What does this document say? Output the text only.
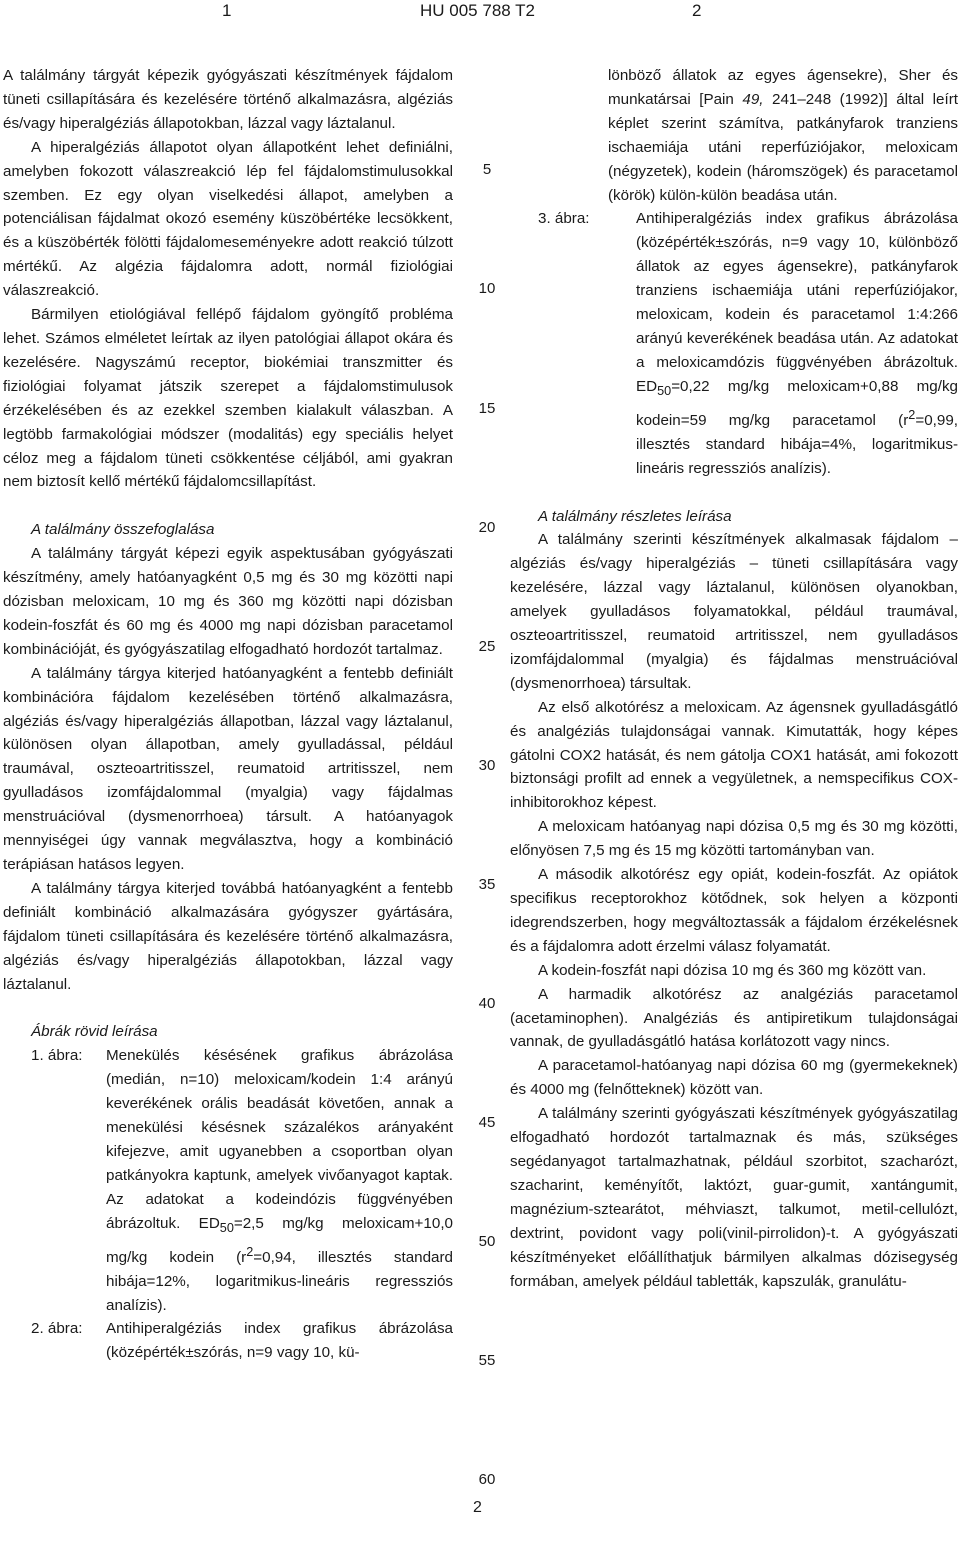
1	HU 005 788 T2	2

A találmány tárgyát képezik gyógyászati készítmények fájdalom tüneti csillapítására és kezelésére történő alkalmazásra, algéziás és/vagy hiperalgéziás állapotokban, lázzal vagy láztalanul.

A hiperalgéziás állapotot olyan állapotként lehet definiálni, amelyben fokozott válaszreakció lép fel fájdalomstimulusokkal szemben. Ez egy olyan viselkedési állapot, amelyben a potenciálisan fájdalmat okozó esemény küszöbértéke lecsökkent, és a küszöbérték fölötti fájdalomeseményekre adott reakció túlzott mértékű. Az algézia fájdalomra adott, normál fiziológiai válaszreakció.

Bármilyen etiológiával fellépő fájdalom gyöngítő probléma lehet. Számos elméletet leírtak az ilyen patológiai állapot okára és kezelésére. Nagyszámú receptor, biokémiai transzmitter és fiziológiai folyamat játszik szerepet a fájdalomstimulusok érzékelésében és az ezekkel szemben kialakult válaszban. A legtöbb farmakológiai módszer (modalitás) egy speciális helyet céloz meg a fájdalom tüneti csökkentése céljából, ami gyakran nem biztosít kellő mértékű fájdalomcsillapítást.

A találmány összefoglalása

A találmány tárgyát képezi egyik aspektusában gyógyászati készítmény, amely hatóanyagként 0,5 mg és 30 mg közötti napi dózisban meloxicam, 10 mg és 360 mg közötti napi dózisban kodein-foszfát és 60 mg és 4000 mg napi dózisban paracetamol kombinációját, és gyógyászatilag elfogadható hordozót tartalmaz.

A találmány tárgya kiterjed hatóanyagként a fentebb definiált kombinációra fájdalom kezelésében történő alkalmazásra, algéziás és/vagy hiperalgéziás állapotban, lázzal vagy láztalanul, különösen olyan állapotban, amely gyulladással, például traumával, oszteoartritisszel, reumatoid artritisszel, nem gyulladásos izomfájdalommal (myalgia) vagy fájdalmas menstruációval (dysmenorrhoea) társult. A hatóanyagok mennyiségei úgy vannak megválasztva, hogy a kombináció terápiásan hatásos legyen.

A találmány tárgya kiterjed továbbá hatóanyagként a fentebb definiált kombináció alkalmazására gyógyszer gyártására, fájdalom tüneti csillapítására és kezelésére történő alkalmazásra, algéziás és/vagy hiperalgéziás állapotokban, lázzal vagy láztalanul.

Ábrák rövid leírása

1. ábra:	Menekülés késésének grafikus ábrázolása (medián, n=10) meloxicam/kodein 1:4 arányú keverékének orális beadását követően, annak a menekülési késésnek százalékos arányaként kifejezve, amit ugyanebben a csoportban olyan patkányokra kaptunk, amelyek vivőanyagot kaptak. Az adatokat a kodeindózis függvényében ábrázoltuk. $ED_{50}=2,5$ mg/kg meloxicam+10,0 mg/kg kodein ($r^2=0,94$, illesztés standard hibája=12%, logaritmikus-lineáris regressziós analízis).
2. ábra:	Antihiperalgéziás index grafikus ábrázolása (középérték±szórás, n=9 vagy 10, kü-
lönböző állatok az egyes ágensekre), Sher és munkatársai [Pain 49, 241–248 (1992)] által leírt képlet szerint számítva, patkányfarok tranziens ischaemiája utáni reperfúziójakor, meloxicam (négyzetek), kodein (háromszögek) és paracetamol (körök) külön-külön beadása után.
3. ábra:	Antihiperalgéziás index grafikus ábrázolása (középérték±szórás, n=9 vagy 10, különböző állatok az egyes ágensekre), patkányfarok tranziens ischaemiája utáni reperfúziójakor, meloxicam, kodein és paracetamol 1:4:266 arányú keverékének beadása után. Az adatokat a meloxicamdózis függvényében ábrázoltuk. $ED_{50}=0,22$ mg/kg meloxicam+0,88 mg/kg kodein=59 mg/kg paracetamol ($r^2=0,99$, illesztés standard hibája=4%, logaritmikus-lineáris regressziós analízis).

A találmány részletes leírása

A találmány szerinti készítmények alkalmasak fájdalom – algéziás és/vagy hiperalgéziás – tüneti csillapítására vagy kezelésére, lázzal vagy láztalanul, különösen olyanokban, amelyek gyulladásos folyamatokkal, például traumával, oszteoartritisszel, reumatoid artritisszel, nem gyulladásos izomfájdalommal (myalgia) és fájdalmas menstruációval (dysmenorrhoea) társultak.

Az első alkotórész a meloxicam. Az ágensnek gyulladásgátló és analgéziás tulajdonságai vannak. Kimutatták, hogy képes gátolni COX2 hatását, és nem gátolja COX1 hatását, ami fokozott biztonsági profilt ad ennek a vegyületnek, a nemspecifikus COX-inhibitorokhoz képest.

A meloxicam hatóanyag napi dózisa 0,5 mg és 30 mg közötti, előnyösen 7,5 mg és 15 mg közötti tartományban van.

A második alkotórész egy opiát, kodein-foszfát. Az opiátok specifikus receptorokhoz kötődnek, sok helyen a központi idegrendszerben, hogy megváltoztassák a fájdalom érzékelésnek és a fájdalomra adott érzelmi válasz folyamatát.

A kodein-foszfát napi dózisa 10 mg és 360 mg között van.

A harmadik alkotórész az analgéziás paracetamol (acetaminophen). Analgéziás és antipiretikum tulajdonságai vannak, de gyulladásgátló hatása korlátozott vagy nincs.

A paracetamol-hatóanyag napi dózisa 60 mg (gyermekeknek) és 4000 mg (felnőtteknek) között van.

A találmány szerinti gyógyászati készítmények gyógyászatilag elfogadható hordozót tartalmaznak és más, szükséges segédanyagot tartalmazhatnak, például szorbitot, szacharózt, szacharint, keményítőt, laktózt, guar-gumit, xantángumit, magnézium-sztearátot, méhviaszt, talkumot, metil-cellulózt, dextrint, povidont vagy poli(vinil-pirrolidon)-t. A gyógyászati készítményeket előállíthatjuk bármilyen alkalmas dózisegység formában, amelyek például tabletták, kapszulák, granulátu-

5
10
15
20
25
30
35
40
45
50
55
60
2
